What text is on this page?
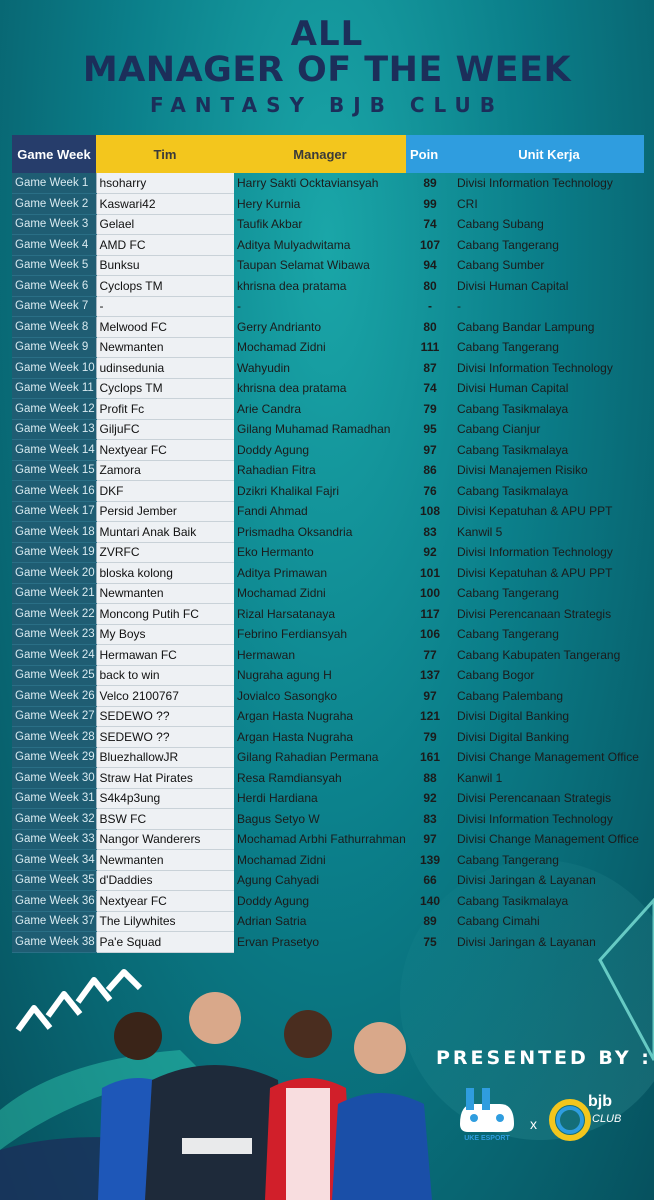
ALL
MANAGER OF THE WEEK
FANTASY BJB CLUB
Game Week	Tim	Manager	Poin	Unit Kerja
Game Week 1	hsoharry	Harry Sakti Ocktaviansyah	89	Divisi Information Technology
Game Week 2	Kaswari42	Hery Kurnia	99	CRI
Game Week 3	Gelael	Taufik Akbar	74	Cabang Subang
Game Week 4	AMD FC	Aditya Mulyadwitama	107	Cabang Tangerang
Game Week 5	Bunksu	Taupan Selamat Wibawa	94	Cabang Sumber
Game Week 6	Cyclops TM	khrisna dea pratama	80	Divisi Human Capital
Game Week 7	-	-	-	-
Game Week 8	Melwood FC	Gerry Andrianto	80	Cabang Bandar Lampung
Game Week 9	Newmanten	Mochamad Zidni	111	Cabang Tangerang
Game Week 10	udinsedunia	Wahyudin	87	Divisi Information Technology
Game Week 11	Cyclops TM	khrisna dea pratama	74	Divisi Human Capital
Game Week 12	Profit Fc	Arie Candra	79	Cabang Tasikmalaya
Game Week 13	GiljuFC	Gilang Muhamad Ramadhan	95	Cabang Cianjur
Game Week 14	Nextyear FC	Doddy Agung	97	Cabang Tasikmalaya
Game Week 15	Zamora	Rahadian Fitra	86	Divisi Manajemen Risiko
Game Week 16	DKF	Dzikri Khalikal Fajri	76	Cabang Tasikmalaya
Game Week 17	Persid Jember	Fandi Ahmad	108	Divisi Kepatuhan & APU PPT
Game Week 18	Muntari Anak Baik	Prismadha Oksandria	83	Kanwil 5
Game Week 19	ZVRFC	Eko Hermanto	92	Divisi Information Technology
Game Week 20	bloska kolong	Aditya Primawan	101	Divisi Kepatuhan & APU PPT
Game Week 21	Newmanten	Mochamad Zidni	100	Cabang Tangerang
Game Week 22	Moncong Putih FC	Rizal Harsatanaya	117	Divisi Perencanaan Strategis
Game Week 23	My Boys	Febrino Ferdiansyah	106	Cabang Tangerang
Game Week 24	Hermawan FC	Hermawan	77	Cabang Kabupaten Tangerang
Game Week 25	back to win	Nugraha agung H	137	Cabang Bogor
Game Week 26	Velco 2100767	Jovialco Sasongko	97	Cabang Palembang
Game Week 27	SEDEWO ??	Argan Hasta Nugraha	121	Divisi Digital Banking
Game Week 28	SEDEWO ??	Argan Hasta Nugraha	79	Divisi Digital Banking
Game Week 29	BluezhallowJR	Gilang Rahadian Permana	161	Divisi Change Management Office
Game Week 30	Straw Hat Pirates	Resa Ramdiansyah	88	Kanwil 1
Game Week 31	S4k4p3ung	Herdi Hardiana	92	Divisi Perencanaan Strategis
Game Week 32	BSW FC	Bagus Setyo W	83	Divisi Information Technology
Game Week 33	Nangor Wanderers	Mochamad Arbhi Fathurrahman	97	Divisi Change Management Office
Game Week 34	Newmanten	Mochamad Zidni	139	Cabang Tangerang
Game Week 35	d'Daddies	Agung Cahyadi	66	Divisi Jaringan & Layanan
Game Week 36	Nextyear FC	Doddy Agung	140	Cabang Tasikmalaya
Game Week 37	The Lilywhites	Adrian Satria	89	Cabang Cimahi
Game Week 38	Pa'e Squad	Ervan Prasetyo	75	Divisi Jaringan & Layanan
PRESENTED BY :
UKE ESPORT
x
bjb
CLUB
